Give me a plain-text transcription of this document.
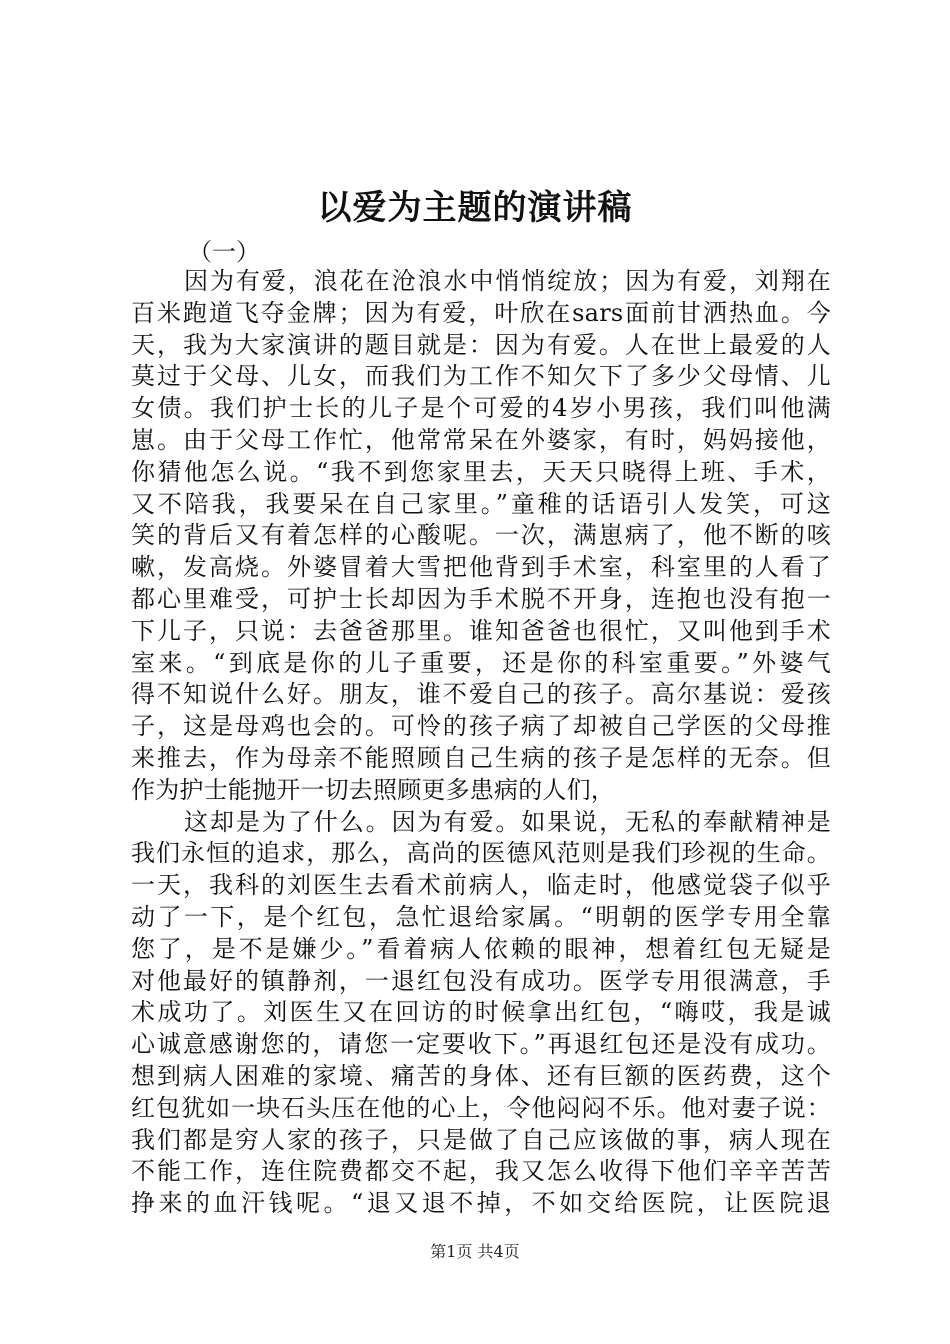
以爱为主题的演讲稿
（一）
因为有爱，浪花在沧浪水中悄悄绽放；因为有爱，刘翔在
百米跑道飞夺金牌；因为有爱，叶欣在sars面前甘洒热血。今
天，我为大家演讲的题目就是：因为有爱。人在世上最爱的人
莫过于父母、儿女，而我们为工作不知欠下了多少父母情、儿
女债。我们护士长的儿子是个可爱的4岁小男孩，我们叫他满
崽。由于父母工作忙，他常常呆在外婆家，有时，妈妈接他，
你猜他怎么说。“我不到您家里去，天天只晓得上班、手术，
又不陪我，我要呆在自己家里。”童稚的话语引人发笑，可这
笑的背后又有着怎样的心酸呢。一次，满崽病了，他不断的咳
嗽，发高烧。外婆冒着大雪把他背到手术室，科室里的人看了
都心里难受，可护士长却因为手术脱不开身，连抱也没有抱一
下儿子，只说：去爸爸那里。谁知爸爸也很忙，又叫他到手术
室来。“到底是你的儿子重要，还是你的科室重要。”外婆气
得不知说什么好。朋友，谁不爱自己的孩子。高尔基说：爱孩
子，这是母鸡也会的。可怜的孩子病了却被自己学医的父母推
来推去，作为母亲不能照顾自己生病的孩子是怎样的无奈。但
作为护士能抛开一切去照顾更多患病的人们，
这却是为了什么。因为有爱。如果说，无私的奉献精神是
我们永恒的追求，那么，高尚的医德风范则是我们珍视的生命。
一天，我科的刘医生去看术前病人，临走时，他感觉袋子似乎
动了一下，是个红包，急忙退给家属。“明朝的医学专用全靠
您了，是不是嫌少。”看着病人依赖的眼神，想着红包无疑是
对他最好的镇静剂，一退红包没有成功。医学专用很满意，手
术成功了。刘医生又在回访的时候拿出红包，“嗨哎，我是诚
心诚意感谢您的，请您一定要收下。”再退红包还是没有成功。
想到病人困难的家境、痛苦的身体、还有巨额的医药费，这个
红包犹如一块石头压在他的心上，令他闷闷不乐。他对妻子说：
我们都是穷人家的孩子，只是做了自己应该做的事，病人现在
不能工作，连住院费都交不起，我又怎么收得下他们辛辛苦苦
挣来的血汗钱呢。“退又退不掉，不如交给医院，让医院退
第1页 共4页
